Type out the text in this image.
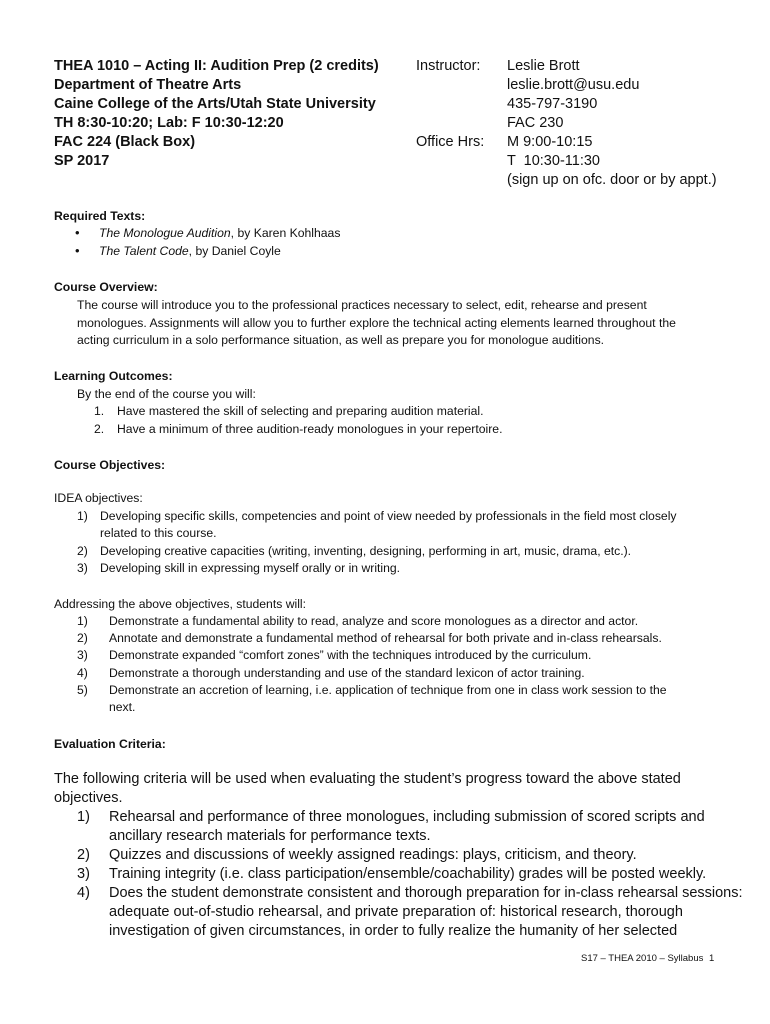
THEA 1010 – Acting II: Audition Prep (2 credits)
Department of Theatre Arts
Caine College of the Arts/Utah State University
TH 8:30-10:20; Lab: F 10:30-12:20
FAC 224 (Black Box)
SP 2017
Instructor: Leslie Brott
leslie.brott@usu.edu
435-797-3190
FAC 230
Office Hrs: M 9:00-10:15
T  10:30-11:30
(sign up on ofc. door or by appt.)
Required Texts:
• The Monologue Audition, by Karen Kohlhaas
• The Talent Code, by Daniel Coyle
Course Overview:
The course will introduce you to the professional practices necessary to select, edit, rehearse and present
monologues. Assignments will allow you to further explore the technical acting elements learned throughout the
acting curriculum in a solo performance situation, as well as prepare you for monologue auditions.
Learning Outcomes:
By the end of the course you will:
1. Have mastered the skill of selecting and preparing audition material.
2. Have a minimum of three audition-ready monologues in your repertoire.
Course Objectives:
IDEA objectives:
1) Developing specific skills, competencies and point of view needed by professionals in the field most closely
related to this course.
2) Developing creative capacities (writing, inventing, designing, performing in art, music, drama, etc.).
3) Developing skill in expressing myself orally or in writing.
Addressing the above objectives, students will:
1) Demonstrate a fundamental ability to read, analyze and score monologues as a director and actor.
2) Annotate and demonstrate a fundamental method of rehearsal for both private and in-class rehearsals.
3) Demonstrate expanded “comfort zones” with the techniques introduced by the curriculum.
4) Demonstrate a thorough understanding and use of the standard lexicon of actor training.
5) Demonstrate an accretion of learning, i.e. application of technique from one in class work session to the
next.
Evaluation Criteria:
The following criteria will be used when evaluating the student’s progress toward the above stated
objectives.
1) Rehearsal and performance of three monologues, including submission of scored scripts and
ancillary research materials for performance texts.
2) Quizzes and discussions of weekly assigned readings: plays, criticism, and theory.
3) Training integrity (i.e. class participation/ensemble/coachability) grades will be posted weekly.
4) Does the student demonstrate consistent and thorough preparation for in-class rehearsal sessions:
adequate out-of-studio rehearsal, and private preparation of: historical research, thorough
investigation of given circumstances, in order to fully realize the humanity of her selected
S17 – THEA 2010 – Syllabus 1
